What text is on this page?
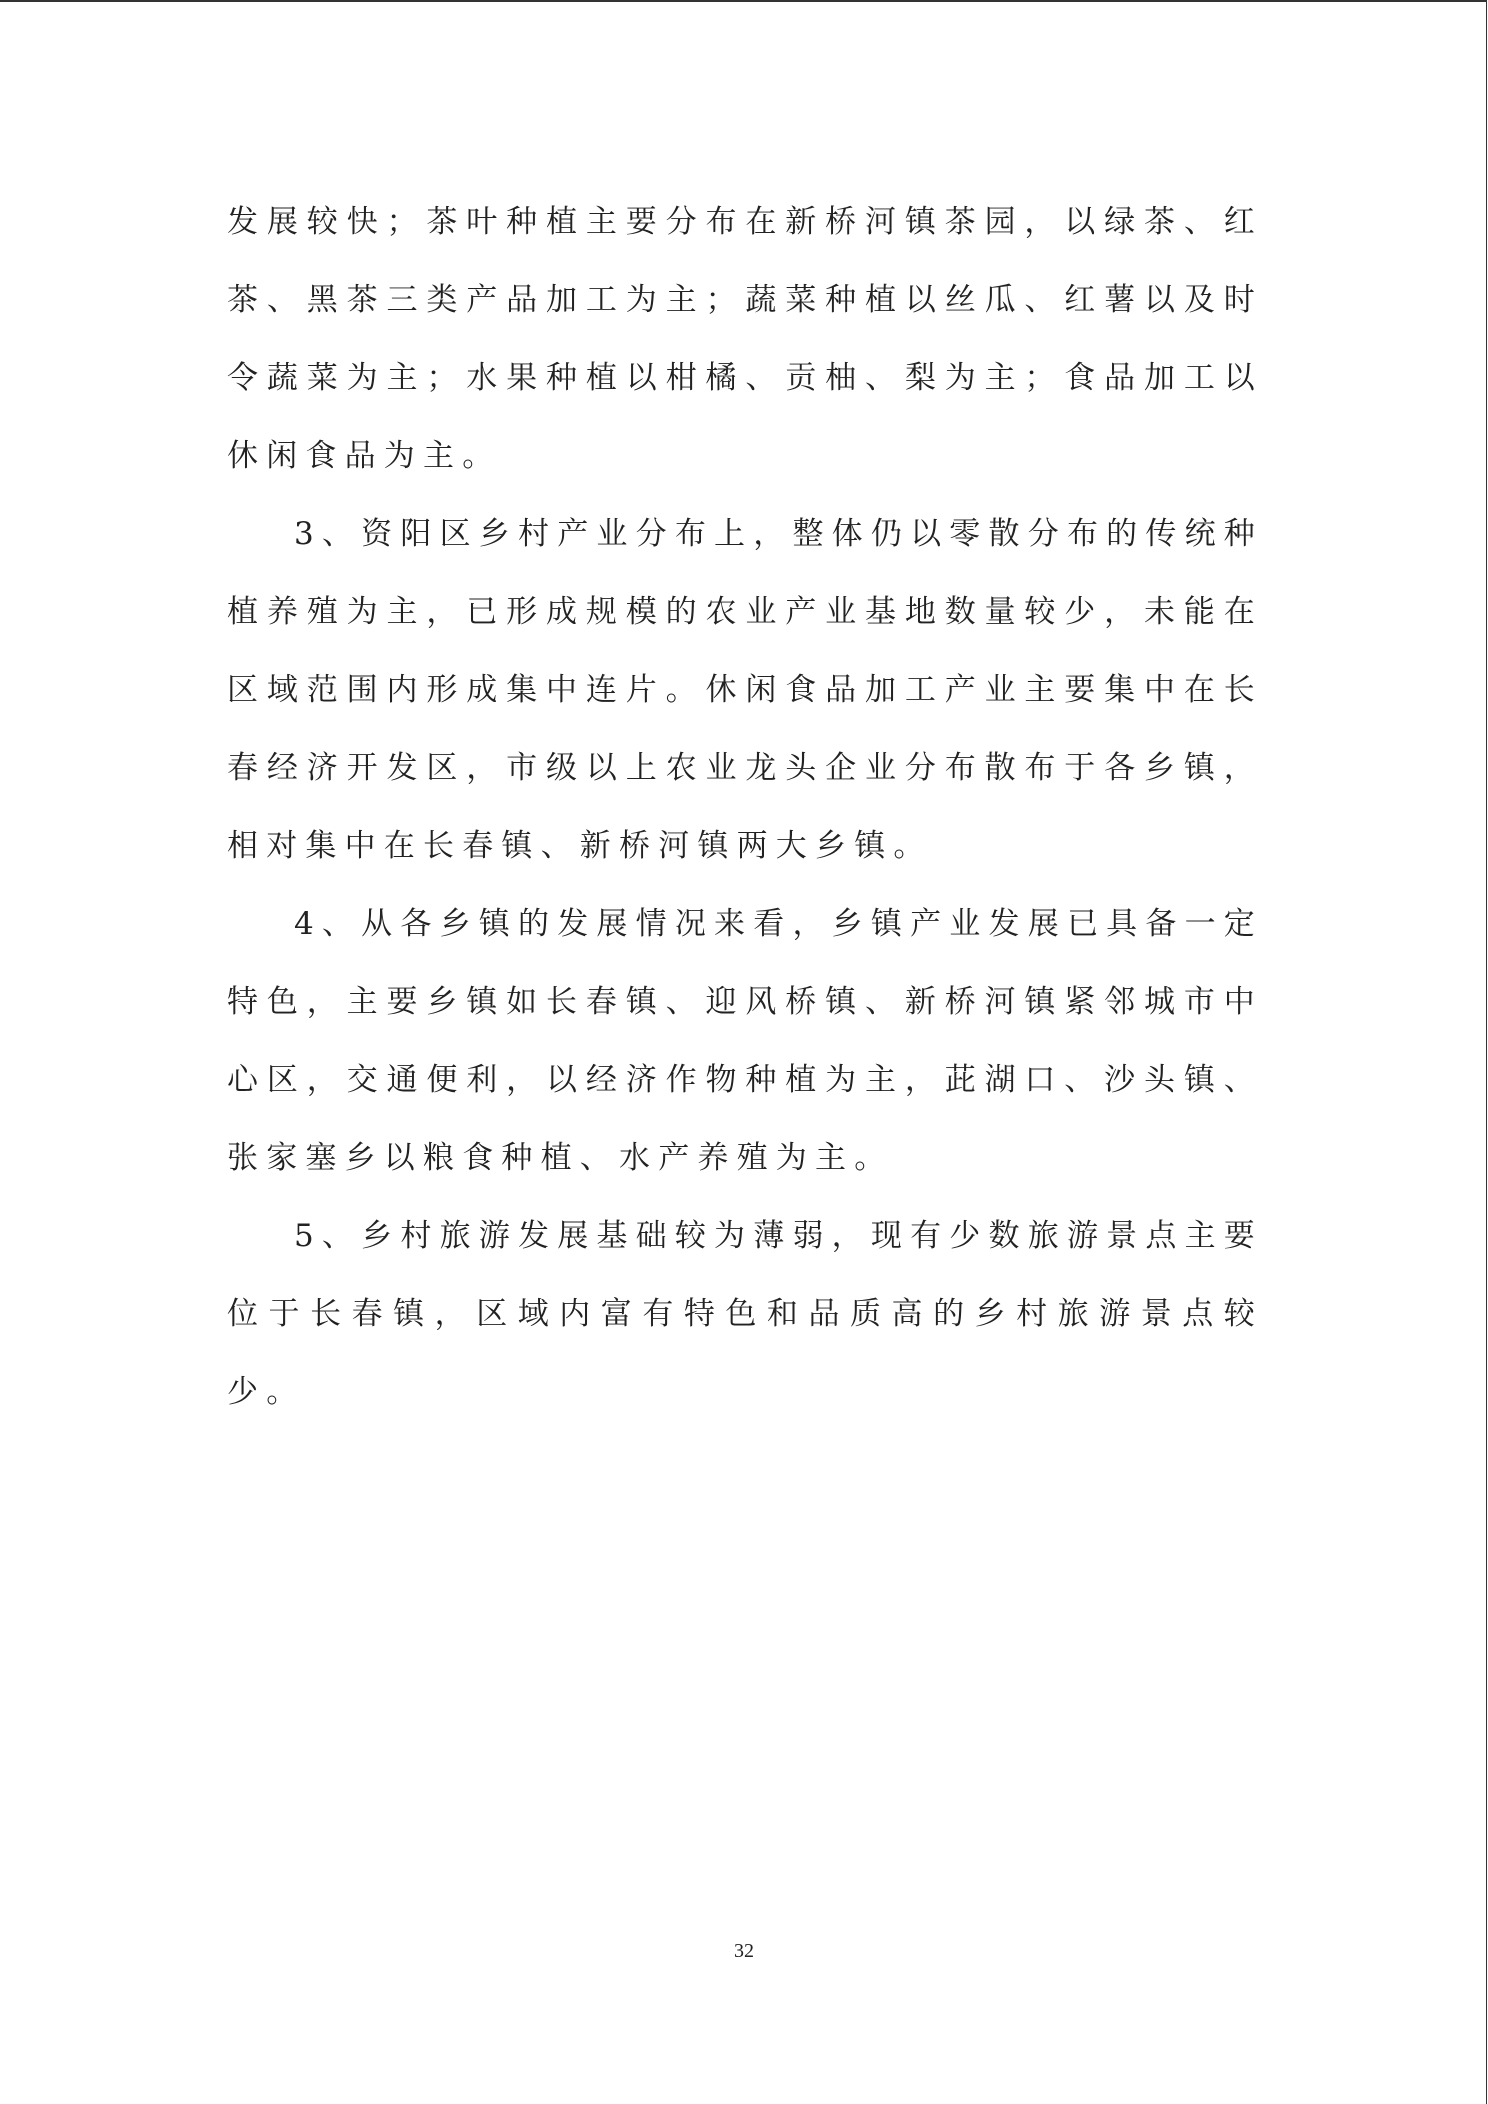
发展较快；茶叶种植主要分布在新桥河镇茶园，以绿茶、红茶、黑茶三类产品加工为主；蔬菜种植以丝瓜、红薯以及时令蔬菜为主；水果种植以柑橘、贡柚、梨为主；食品加工以休闲食品为主。

3、资阳区乡村产业分布上，整体仍以零散分布的传统种植养殖为主，已形成规模的农业产业基地数量较少，未能在区域范围内形成集中连片。休闲食品加工产业主要集中在长春经济开发区，市级以上农业龙头企业分布散布于各乡镇，相对集中在长春镇、新桥河镇两大乡镇。

4、从各乡镇的发展情况来看，乡镇产业发展已具备一定特色，主要乡镇如长春镇、迎风桥镇、新桥河镇紧邻城市中心区，交通便利，以经济作物种植为主，茈湖口、沙头镇、张家塞乡以粮食种植、水产养殖为主。

5、乡村旅游发展基础较为薄弱，现有少数旅游景点主要位于长春镇，区域内富有特色和品质高的乡村旅游景点较少。

32
